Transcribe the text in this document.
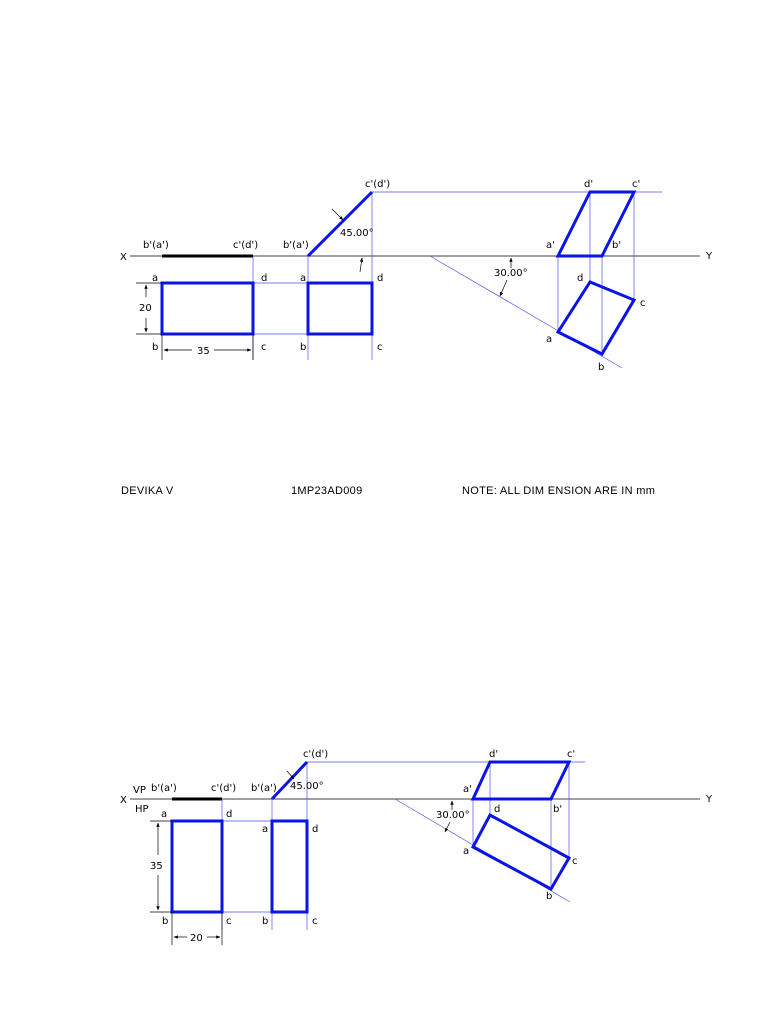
X	Y
b'(a')	c'(d')
a	d
b	c
20
35
c'(d')
b'(a')
45.00°
a	d
b	c
d'	c'
a'	b'
d
c
a
b
30.00°
X	Y
VP
HP
b'(a')	c'(d')
a	d
b	c
35
20
c'(d')
b'(a') 45.00°
a	d
b	c
d'	c'
a'
b'
d
c
a
b
30.00°
DEVIKA V	1MP23AD009	NOTE: ALL DIM ENSION ARE IN mm
